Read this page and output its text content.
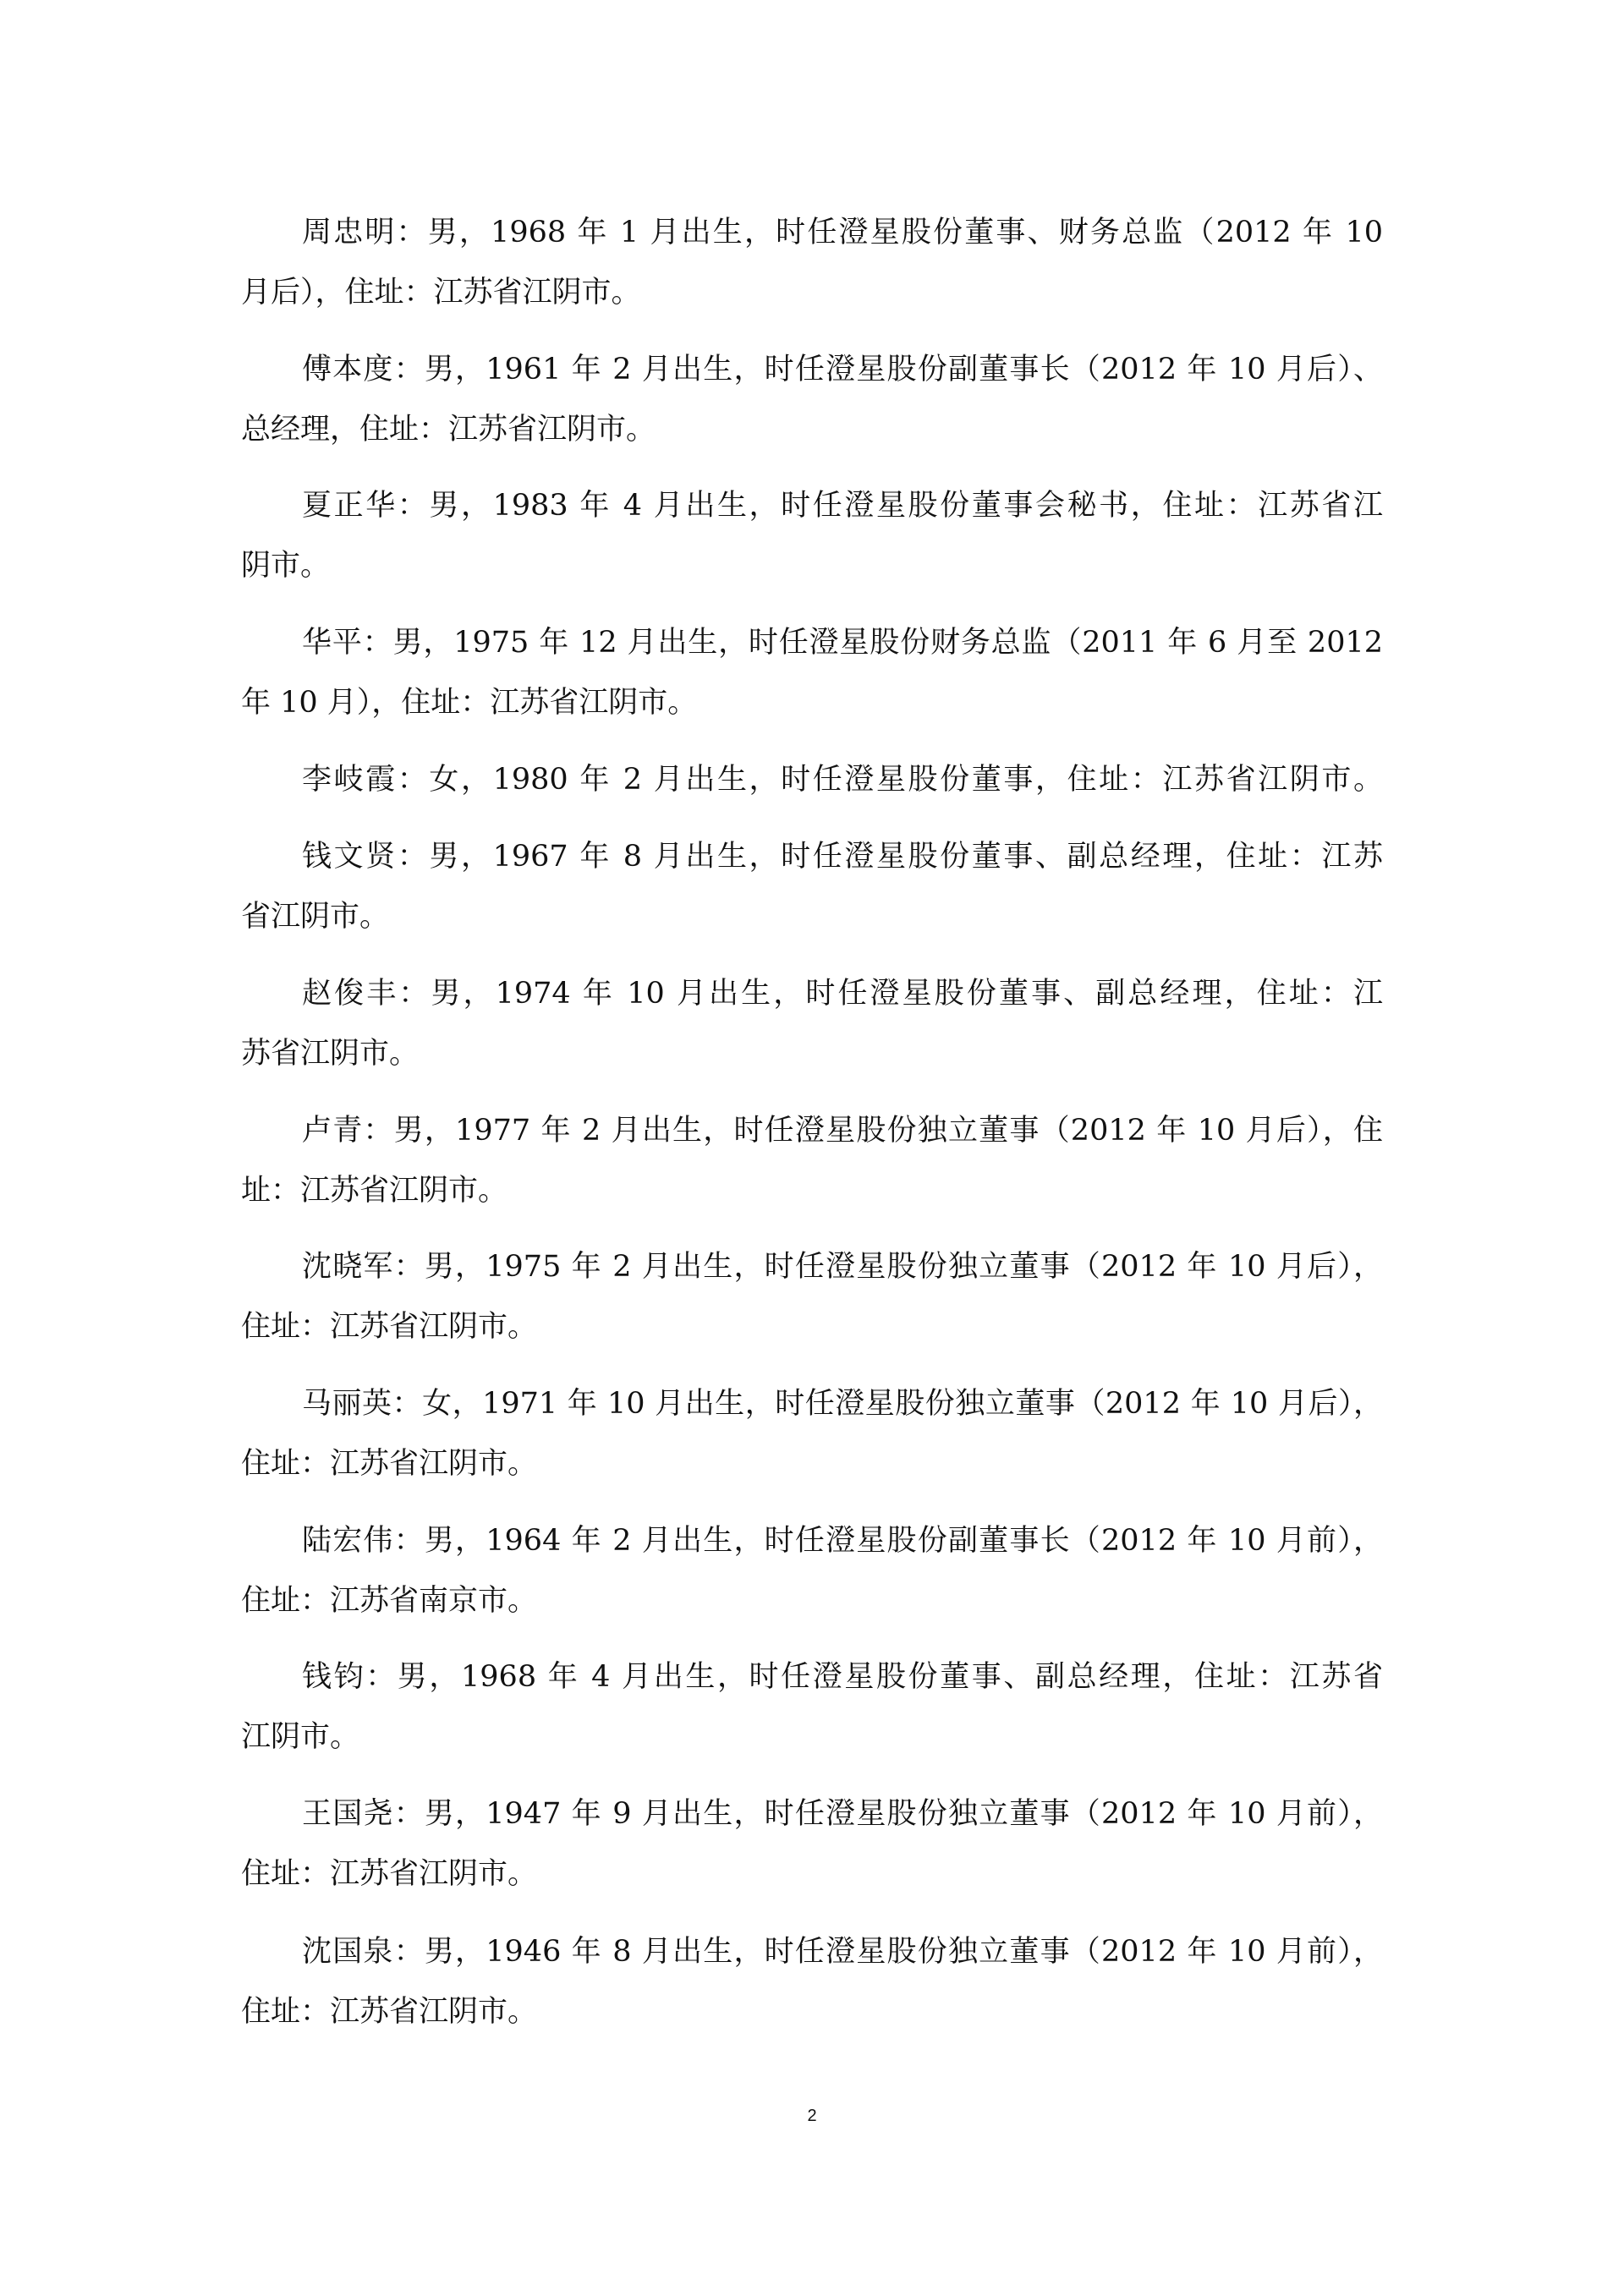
周忠明：男，1968 年 1 月出生，时任澄星股份董事、财务总监（2012 年 10
月后），住址：江苏省江阴市。
傅本度：男，1961 年 2 月出生，时任澄星股份副董事长（2012 年 10 月后）、
总经理，住址：江苏省江阴市。
夏正华：男，1983 年 4 月出生，时任澄星股份董事会秘书，住址：江苏省江
阴市。
华平：男，1975 年 12 月出生，时任澄星股份财务总监（2011 年 6 月至 2012
年 10 月），住址：江苏省江阴市。
李岐霞：女，1980 年 2 月出生，时任澄星股份董事，住址：江苏省江阴市。
钱文贤：男，1967 年 8 月出生，时任澄星股份董事、副总经理，住址：江苏
省江阴市。
赵俊丰：男，1974 年 10 月出生，时任澄星股份董事、副总经理，住址：江
苏省江阴市。
卢青：男，1977 年 2 月出生，时任澄星股份独立董事（2012 年 10 月后），住
址：江苏省江阴市。
沈晓军：男，1975 年 2 月出生，时任澄星股份独立董事（2012 年 10 月后），
住址：江苏省江阴市。
马丽英：女，1971 年 10 月出生，时任澄星股份独立董事（2012 年 10 月后），
住址：江苏省江阴市。
陆宏伟：男，1964 年 2 月出生，时任澄星股份副董事长（2012 年 10 月前），
住址：江苏省南京市。
钱钧：男，1968 年 4 月出生，时任澄星股份董事、副总经理，住址：江苏省
江阴市。
王国尧：男，1947 年 9 月出生，时任澄星股份独立董事（2012 年 10 月前），
住址：江苏省江阴市。
沈国泉：男，1946 年 8 月出生，时任澄星股份独立董事（2012 年 10 月前），
住址：江苏省江阴市。
2
